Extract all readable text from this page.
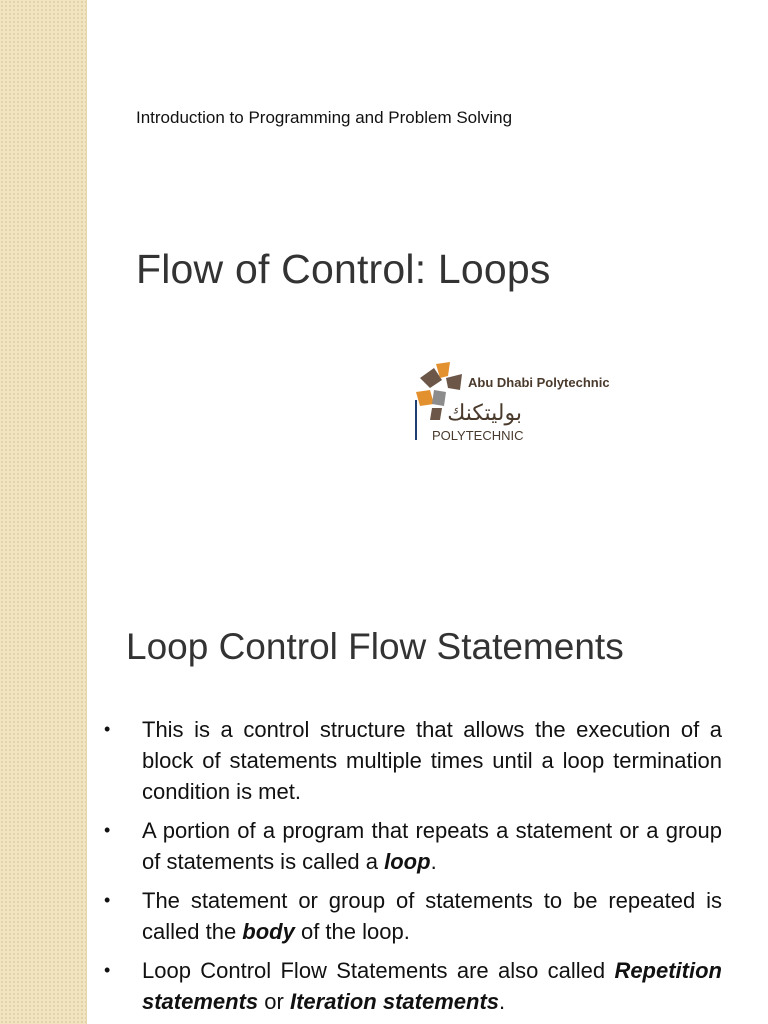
Introduction to Programming and Problem Solving
Flow of Control: Loops
Abu Dhabi Polytechnic
بوليتكنك
POLYTECHNIC
Loop Control Flow Statements
• This is a control structure that allows the execution of a block of statements multiple times until a loop termination condition is met.
• A portion of a program that repeats a statement or a group of statements is called a loop.
• The statement or group of statements to be repeated is called the body of the loop.
• Loop Control Flow Statements are also called Repetition statements or Iteration statements.
